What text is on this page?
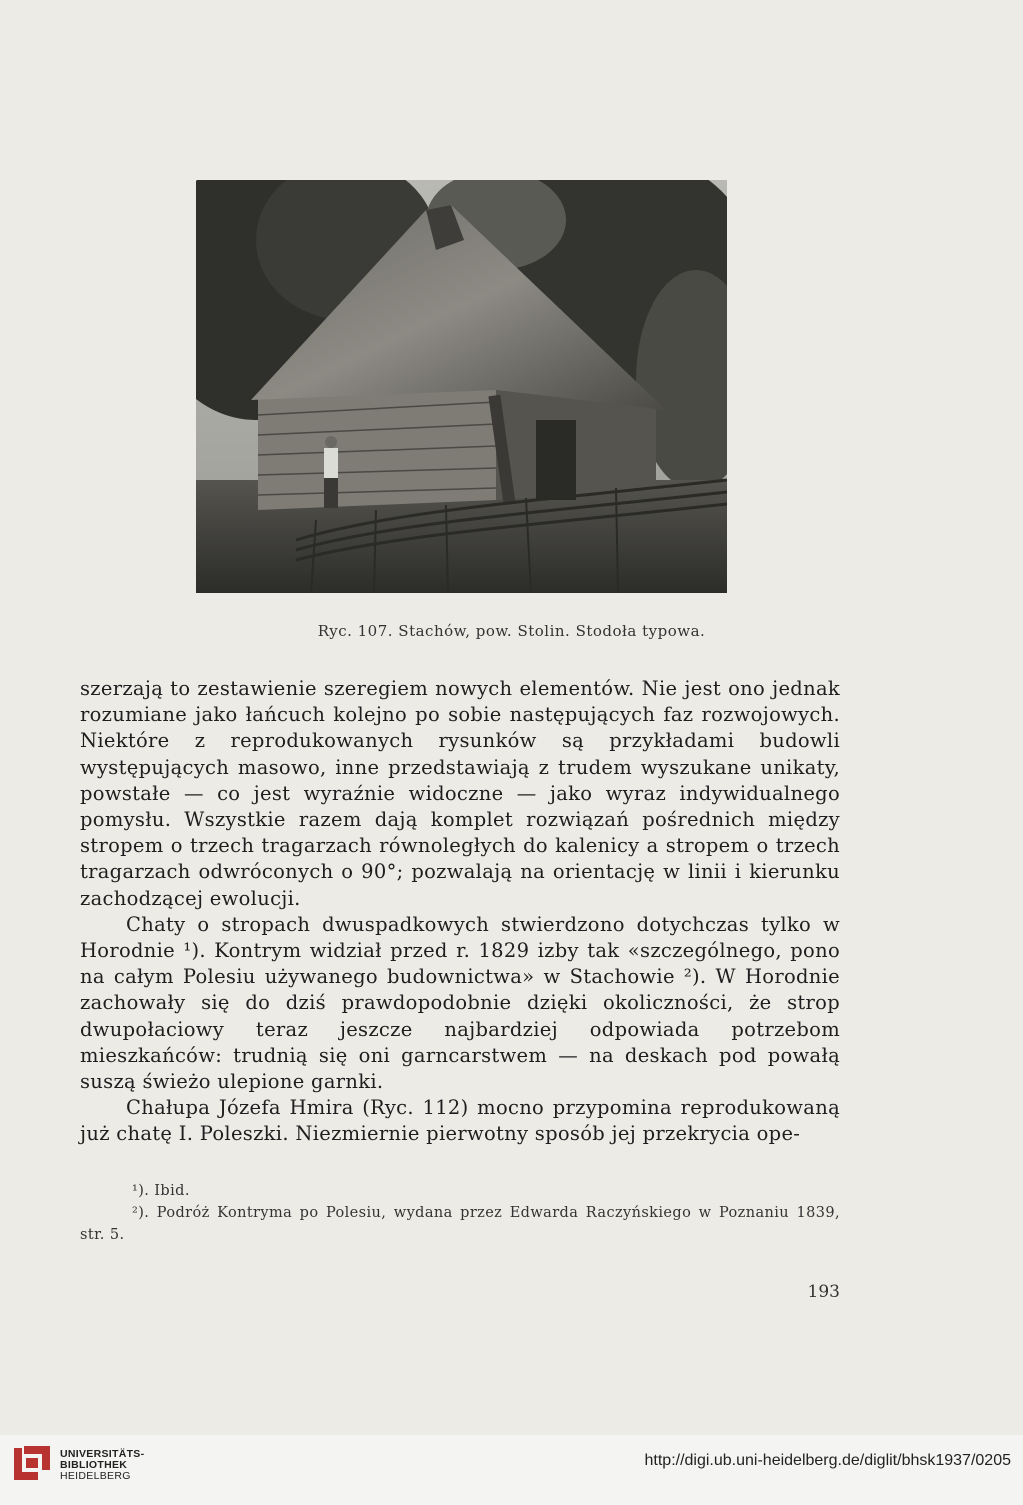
Ryc. 107. Stachów, pow. Stolin. Stodoła typowa.

szerzają to zestawienie szeregiem nowych elementów. Nie jest ono jednak rozumiane jako łańcuch kolejno po sobie następujących faz rozwojowych. Niektóre z reprodukowanych rysunków są przykładami budowli występujących masowo, inne przedstawiają z trudem wyszukane unikaty, powstałe — co jest wyraźnie widoczne — jako wyraz indywidualnego pomysłu. Wszystkie razem dają komplet rozwiązań pośrednich między stropem o trzech tragarzach równoległych do kalenicy a stropem o trzech tragarzach odwróconych o 90°; pozwalają na orientację w linii i kierunku zachodzącej ewolucji.

Chaty o stropach dwuspadkowych stwierdzono dotychczas tylko w Horodnie ¹). Kontrym widział przed r. 1829 izby tak «szczególnego, pono na całym Polesiu używanego budownictwa» w Stachowie ²). W Horodnie zachowały się do dziś prawdopodobnie dzięki okoliczności, że strop dwupołaciowy teraz jeszcze najbardziej odpowiada potrzebom mieszkańców: trudnią się oni garncarstwem — na deskach pod powałą suszą świeżo ulepione garnki.

Chałupa Józefa Hmira (Ryc. 112) mocno przypomina reprodukowaną już chatę I. Poleszki. Niezmiernie pierwotny sposób jej przekrycia ope-

¹). Ibid.
²). Podróż Kontryma po Polesiu, wydana przez Edwarda Raczyńskiego w Poznaniu 1839, str. 5.
193
UNIVERSITÄTS-
BIBLIOTHEK
HEIDELBERG
http://digi.ub.uni-heidelberg.de/diglit/bhsk1937/0205
